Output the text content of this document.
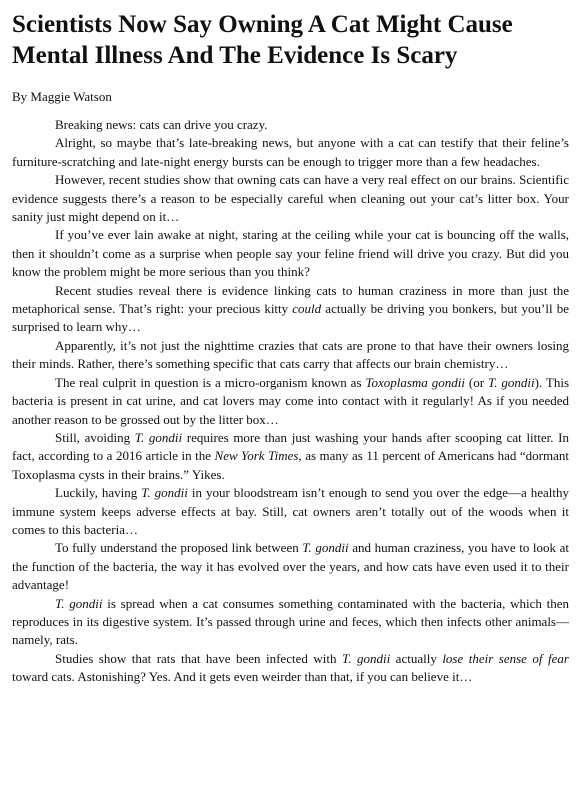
Scientists Now Say Owning A Cat Might Cause Mental Illness And The Evidence Is Scary
By Maggie Watson

Breaking news: cats can drive you crazy.

Alright, so maybe that’s late-breaking news, but anyone with a cat can testify that their feline’s furniture-scratching and late-night energy bursts can be enough to trigger more than a few headaches.

However, recent studies show that owning cats can have a very real effect on our brains. Scientific evidence suggests there’s a reason to be especially careful when cleaning out your cat’s litter box. Your sanity just might depend on it…

If you’ve ever lain awake at night, staring at the ceiling while your cat is bouncing off the walls, then it shouldn’t come as a surprise when people say your feline friend will drive you crazy. But did you know the problem might be more serious than you think?

Recent studies reveal there is evidence linking cats to human craziness in more than just the metaphorical sense. That’s right: your precious kitty could actually be driving you bonkers, but you’ll be surprised to learn why…

Apparently, it’s not just the nighttime crazies that cats are prone to that have their owners losing their minds. Rather, there’s something specific that cats carry that affects our brain chemistry…

The real culprit in question is a micro-organism known as Toxoplasma gondii (or T. gondii). This bacteria is present in cat urine, and cat lovers may come into contact with it regularly! As if you needed another reason to be grossed out by the litter box…

Still, avoiding T. gondii requires more than just washing your hands after scooping cat litter. In fact, according to a 2016 article in the New York Times, as many as 11 percent of Americans had “dormant Toxoplasma cysts in their brains.” Yikes.

Luckily, having T. gondii in your bloodstream isn’t enough to send you over the edge—a healthy immune system keeps adverse effects at bay. Still, cat owners aren’t totally out of the woods when it comes to this bacteria…

To fully understand the proposed link between T. gondii and human craziness, you have to look at the function of the bacteria, the way it has evolved over the years, and how cats have even used it to their advantage!

T. gondii is spread when a cat consumes something contaminated with the bacteria, which then reproduces in its digestive system. It’s passed through urine and feces, which then infects other animals—namely, rats.

Studies show that rats that have been infected with T. gondii actually lose their sense of fear toward cats. Astonishing? Yes. And it gets even weirder than that, if you can believe it…
